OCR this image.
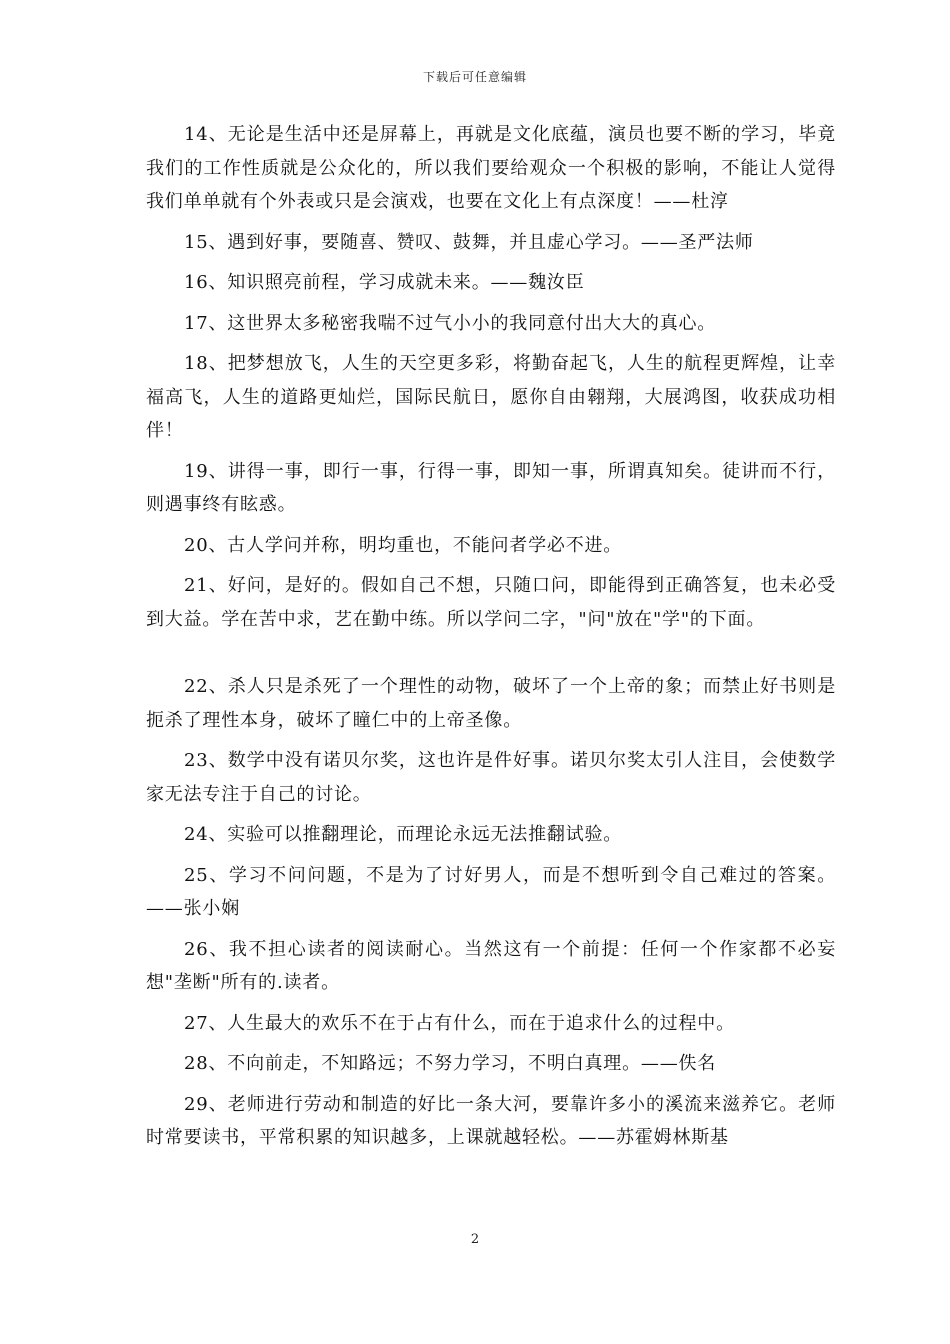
下载后可任意编辑

14、无论是生活中还是屏幕上，再就是文化底蕴，演员也要不断的学习，毕竟我们的工作性质就是公众化的，所以我们要给观众一个积极的影响，不能让人觉得我们单单就有个外表或只是会演戏，也要在文化上有点深度！——杜淳

15、遇到好事，要随喜、赞叹、鼓舞，并且虚心学习。——圣严法师

16、知识照亮前程，学习成就未来。——魏汝臣

17、这世界太多秘密我喘不过气小小的我同意付出大大的真心。

18、把梦想放飞，人生的天空更多彩，将勤奋起飞，人生的航程更辉煌，让幸福高飞，人生的道路更灿烂，国际民航日，愿你自由翱翔，大展鸿图，收获成功相伴！

19、讲得一事，即行一事，行得一事，即知一事，所谓真知矣。徒讲而不行，则遇事终有眩惑。

20、古人学问并称，明均重也，不能问者学必不进。

21、好问，是好的。假如自己不想，只随口问，即能得到正确答复，也未必受到大益。学在苦中求，艺在勤中练。所以学问二字，"问"放在"学"的下面。

22、杀人只是杀死了一个理性的动物，破坏了一个上帝的象；而禁止好书则是扼杀了理性本身，破坏了瞳仁中的上帝圣像。

23、数学中没有诺贝尔奖，这也许是件好事。诺贝尔奖太引人注目，会使数学家无法专注于自己的讨论。

24、实验可以推翻理论，而理论永远无法推翻试验。

25、学习不问问题，不是为了讨好男人，而是不想听到令自己难过的答案。——张小娴

26、我不担心读者的阅读耐心。当然这有一个前提：任何一个作家都不必妄想"垄断"所有的.读者。

27、人生最大的欢乐不在于占有什么，而在于追求什么的过程中。

28、不向前走，不知路远；不努力学习，不明白真理。——佚名

29、老师进行劳动和制造的好比一条大河，要靠许多小的溪流来滋养它。老师时常要读书，平常积累的知识越多，上课就越轻松。——苏霍姆林斯基

2
